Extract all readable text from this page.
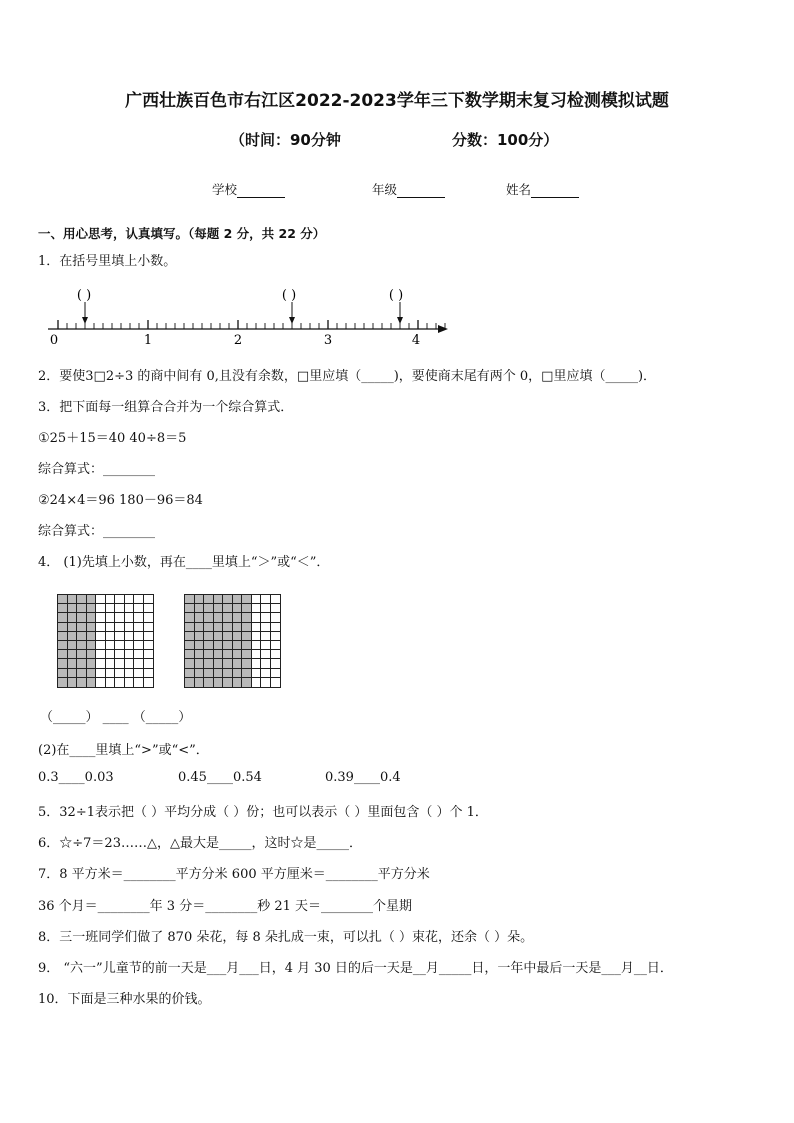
广西壮族百色市右江区2022-2023学年三下数学期末复习检测模拟试题
（时间：90分钟	分数：100分）
学校	年级	姓名
一、用心思考，认真填写。（每题 2 分，共 22 分）
1．在括号里填上小数。
0	1	2	3	4
( )	( )	( )
2．要使3□2÷3 的商中间有 0,且没有余数，□里应填（_____)，要使商末尾有两个 0，□里应填（_____)．
3．把下面每一组算合合并为一个综合算式．
①25＋15＝40 40÷8＝5
综合算式：________
②24×4＝96 180－96＝84
综合算式：________
4． (1)先填上小数，再在____里填上“＞”或“＜”．
（_____） ____ （_____）
(2)在____里填上“>”或“<”．
0.3____0.03	0.45____0.54	0.39____0.4
5．32÷1表示把（ ）平均分成（ ）份；也可以表示（ ）里面包含（ ）个 1．
6．☆÷7＝23……△，△最大是_____，这时☆是_____．
7．8 平方米＝________平方分米 600 平方厘米＝________平方分米
36 个月＝________年 3 分＝________秒 21 天＝________个星期
8．三一班同学们做了 870 朵花，每 8 朵扎成一束，可以扎（ ）束花，还余（ ）朵。
9． “六一”儿童节的前一天是___月___日，4 月 30 日的后一天是__月_____日，一年中最后一天是___月__日．
10．下面是三种水果的价钱。
